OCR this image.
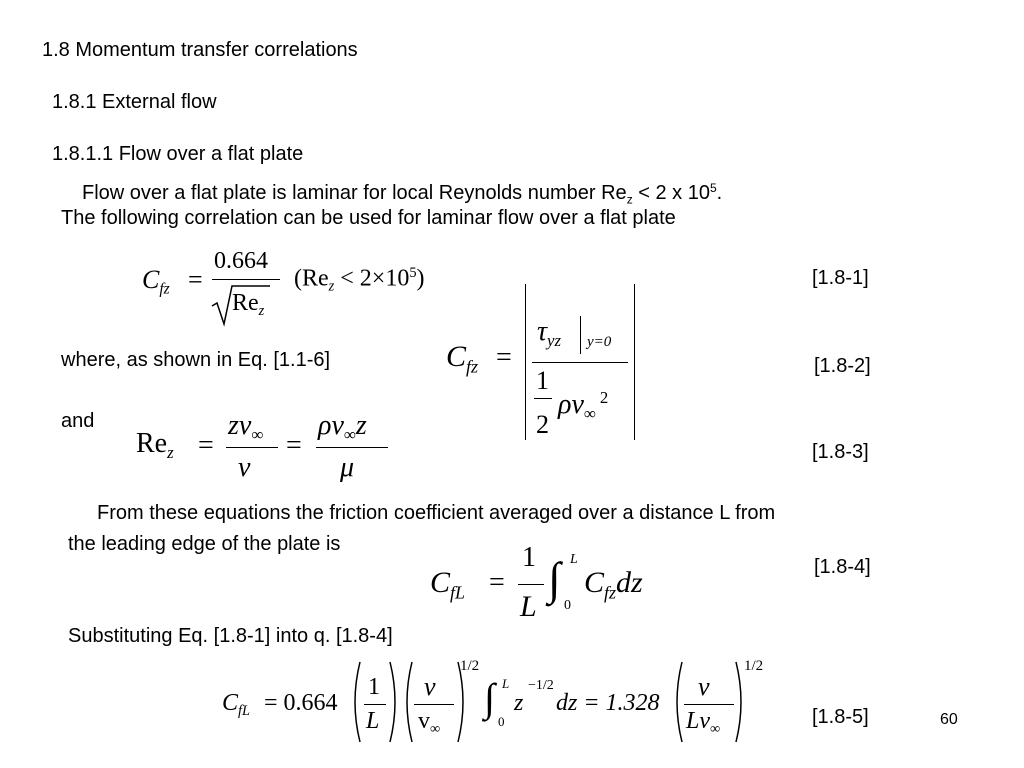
1.8 Momentum transfer correlations
1.8.1 External flow
1.8.1.1 Flow over a flat plate
Flow over a flat plate is laminar for local Reynolds number $Re_z < 2$ x $10^5$.
The following correlation can be used for laminar flow over a flat plate
$C_{fz}$ =
0.664
$Re_z$
$(Re_z < 2\times 10^5)$	[1.8-1]
where, as shown in Eq. [1.1-6]	$C_{fz}$ =
$\tau_{yz}$ y=0
1
2
$\rho v_\infty^2$
[1.8-2]
and
$Re_z$ =
$zv_\infty$
ν
=
$\rho v_\infty z$
μ	[1.8-3]
From these equations the friction coefficient averaged over a distance L from
the leading edge of the plate is
$C_{fL}$ =
1
L
∫ L
0
$C_{fz}dz$	[1.8-4]
Substituting Eq. [1.8-1] into q. [1.8-4]
$C_{fL} = 0.664$
1
L
ν
$v_\infty$
1/2
∫ L
0
z
−1/2
dz = 1.328
ν
$Lv_\infty$
1/2
[1.8-5]	60
